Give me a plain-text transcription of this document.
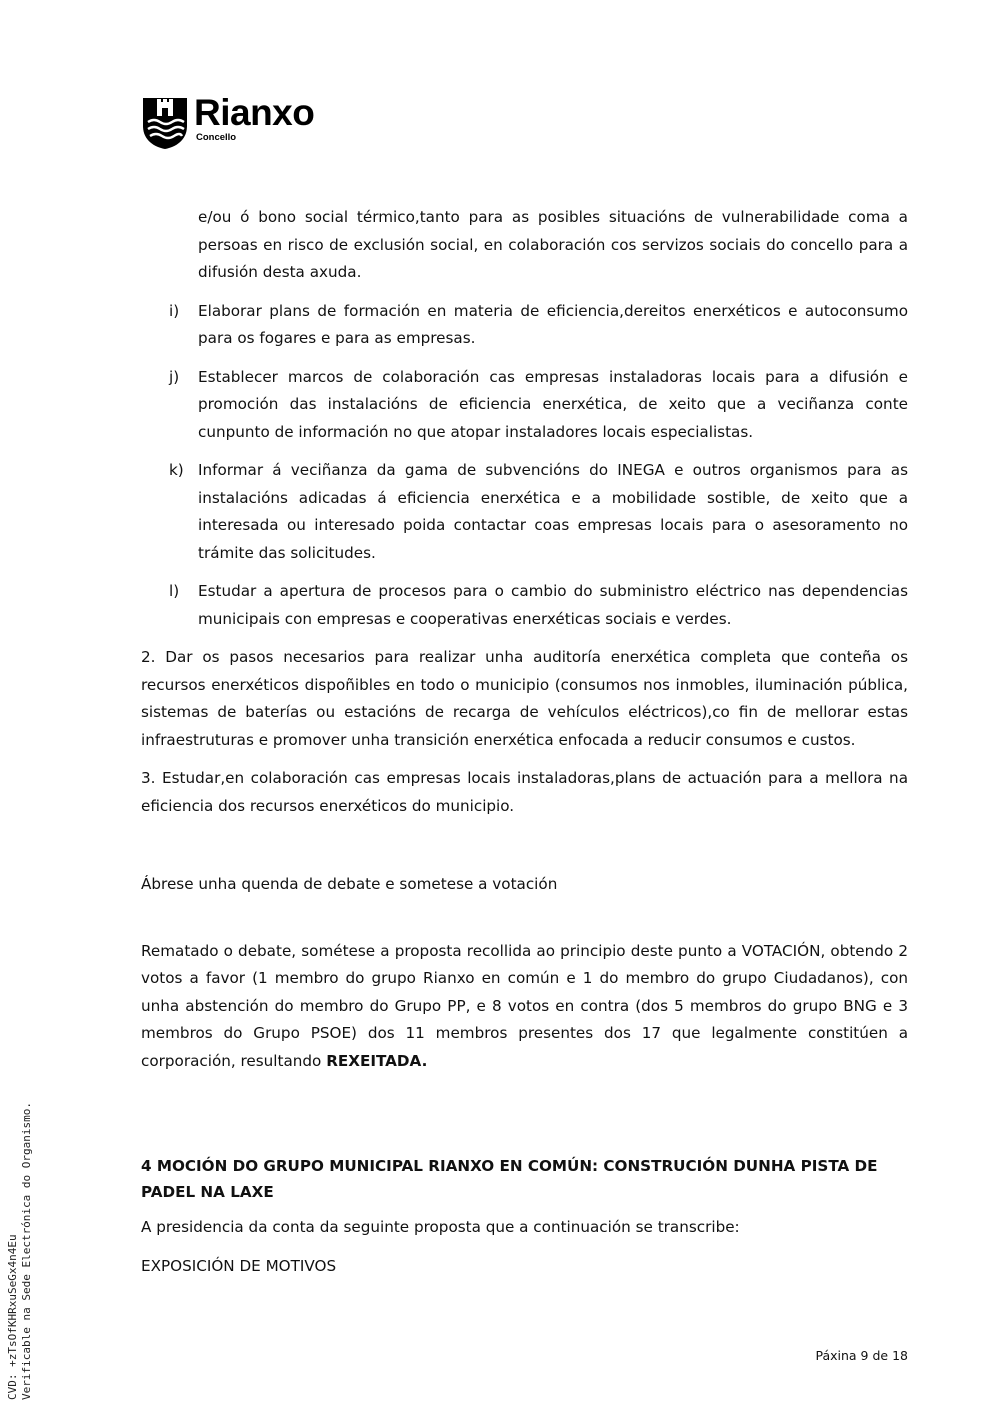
Rianxo
Concello

e/ou ó bono social térmico,tanto para as posibles situacións de vulnerabilidade coma a persoas en risco de exclusión social, en colaboración cos servizos sociais do concello para a difusión desta axuda.

i) Elaborar plans de formación en materia de eficiencia,dereitos enerxéticos e autoconsumo para os fogares e para as empresas.
j) Establecer marcos de colaboración cas empresas instaladoras locais para a difusión e promoción das instalacións de eficiencia enerxética, de xeito que a veciñanza conte cunpunto de información no que atopar instaladores locais especialistas.
k) Informar á veciñanza da gama de subvencións do INEGA e outros organismos para as instalacións adicadas á eficiencia enerxética e a mobilidade sostible, de xeito que a interesada ou interesado poida contactar coas empresas locais para o asesoramento no trámite das solicitudes.
l) Estudar a apertura de procesos para o cambio do subministro eléctrico nas dependencias municipais con empresas e cooperativas enerxéticas sociais e verdes.

2. Dar os pasos necesarios para realizar unha auditoría enerxética completa que conteña os recursos enerxéticos dispoñibles en todo o municipio (consumos nos inmobles, iluminación pública, sistemas de baterías ou estacións de recarga de vehículos eléctricos),co fin de mellorar estas infraestruturas e promover unha transición enerxética enfocada a reducir consumos e custos.

3. Estudar,en colaboración cas empresas locais instaladoras,plans de actuación para a mellora na eficiencia dos recursos enerxéticos do municipio.

Ábrese unha quenda de debate e sometese a votación

Rematado o debate, sométese a proposta recollida ao principio deste punto a VOTACIÓN, obtendo 2 votos a favor (1 membro do grupo Rianxo en común e 1 do membro do grupo Ciudadanos), con unha abstención do membro do Grupo PP, e 8 votos en contra (dos 5 membros do grupo BNG e 3 membros do Grupo PSOE) dos 11 membros presentes dos 17 que legalmente constitúen a corporación, resultando REXEITADA.

4 MOCIÓN DO GRUPO MUNICIPAL RIANXO EN COMÚN: CONSTRUCIÓN DUNHA PISTA DE PADEL NA LAXE

A presidencia da conta da seguinte proposta que a continuación se transcribe:

EXPOSICIÓN DE MOTIVOS

Páxina 9 de 18
CVD: +zTsOfKHRxuSeGx4n4Eu Verificable na Sede Electrónica do Organismo.
